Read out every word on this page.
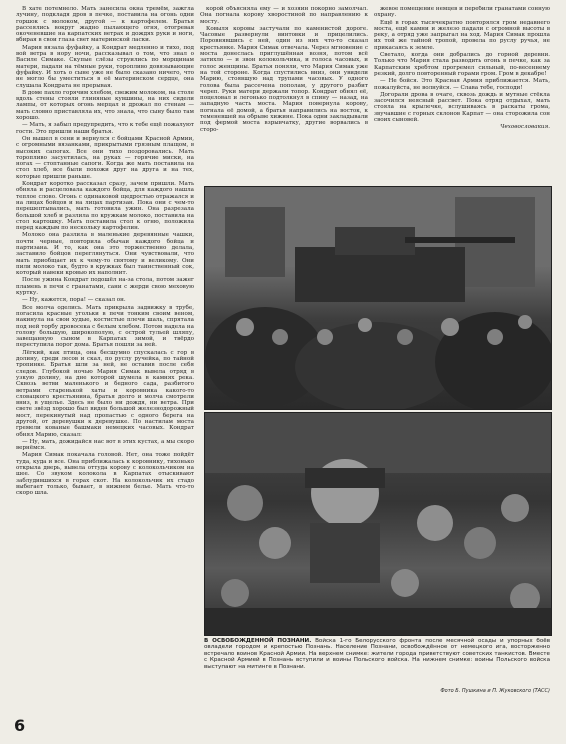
В хате потемнело. Мать занесила окна тремём, зажгла лучину, подкладя дров в печке, поставила на огонь одни горшок с молоком, другой — к картофелем. Братья рассеялись вокруг жадно пылающего огня, отогревая окоченевшие на карпатских ветрах и дождях руки и ноги, вбирая в свои глаза свет материнской ласки.

Мария вязала фуфайку, а Кондрат медленно и тихо, под вой ветра в нору ночи, рассказывал о том, что знал о Василе Симаке. Скупые слёзы струились по морщинам матери, падали на тёмные руки, торопливо довязывающие фуфайку. И хоть о сыне уже не было сказано ничего, что не могло бы уместиться в её материнском сердце, она слушала Кондрата не прерывая.

В доме пахло горячим хлебом, свежим молоком, на столе вдоль стены стояли глиняные кувшины, на них сидели лампы, от которых огонь мерцал и дрожал по стенам — мать словно приставляла их, что знала, что сыну было там хорошо.

— Мать, я забыл предупредить, что к тебе ещё пожалуют гости. Это пришли наши братья.

Он вышел в сени и вернулся с бойцами Красной Армии, с огромными вязанками, прикрытыми грязным плащом, в высоких сапогах. Все они тихо поздоровались. Мать торопливо засуетилась, на руках — горячие миски, на ногах — стоптанные сапоги. Когда же мать поставила на стол хлеб, все были похожи друг на друга и на тех, которые пришли раньше.

Кондрат коротко рассказал сразу, зачем пришли. Мать обняла и расцеловала каждого бойца, для каждого нашла теплое слово. Огонь с одинаковой щедростью отражался и на лицах бойцов и на лицах партизан. Пока они с чем-то перешептывались, мать готовила ужин. Она разрезала большой хлеб и разлила по кружкам молоко, поставила на стол картошку. Мать поставила стол к огню, положила перед каждым по нескольку картофелин.

Молоко она разлила в маленькие деревянные чашки, почти черные, повторила обычаи каждого бойца и партизана. И то, как она это торжественно делала, заставило бойцов переглянуться. Они чувствовали, что мать приобщает их к чему-то святому и великому. Они пили молоко так, будто в кружках был таинственный сок, который навеки кровью их наполнит.

После ужина Кондрат подошёл на-за стола, потом зажег пламень в печи с гранатами, сани с жерди свою меховую куртку.

— Ну, кажется, пора! — сказал он.

Все молча оделись. Мать прикрыла задвижку в трубе, погасила красные угольки в печи тонким своим веном, накинула на свои худые, костистые плечи шаль, спрятала под ней торбу дровосека с белым хлебом. Потом надела на голову большую, широкополую, с острой тульей шляпу, завещанную сыном в Карпатах зимой, и твёрдо переступила порог дома. Братья пошли за ней.

Лёгкий, как птица, она бесшумно спускалась с гор в долину, среди лесов и скал, по руслу ручейка, по тайной тропинке. Братья шли за ней, не оставив после себя следов. Глубокой ночью Мария Симак вывела отряд в узкую долину, на дне которой шумела в камнях река. Сквозь ветви маленького и бедного сада, разбитого ветрами старенькой хаты и коровника какого-то словацкого крестьянина, братья долго и молча смотрели вниз, в ущелье. Здесь не было ни дождя, ни ветра. При свете звёзд хорошо был виден большой железнодорожный мост, перекинутый над пропастью с одного берега на другой, от деревушки к деревушке. По настилам моста гремели кованые башмаки немецких часовых. Кондрат обнял Марию, сказал:

— Ну, мать, дожидайся нас вот в этих кустах, а мы скоро вернёмся.

Мария Симак покачала головой. Нет, она тоже пойдёт туда, куда и все. Она приближалась к коровнику, тихонько открыла дверь, вывела оттуда корову с колокольчиком на шее. Со звуком колокола в Карпатах отыскивают заблудившихся в горах скот. На колокольчик их стадо выбегает только, бывает, в нижнем белье. Мать что-то скоро шла.

корой объясняла ему — и хозяин покорно замолчал. Она погнала корову хворостиной по направлению к мосту.

Ковыля коровы застучали по каменистой дороге. Часовые развернули винтовки и прицелились. Поровнявшись с ней, один из них что-то сказал крестьянке. Мария Симак отвечала. Через мгновение с моста донеслась приглушённая возня, потом всё затихло — и звон колокольчика, и голоса часовых, и голос женщины. Братья поняли, что Мария Симак уже на той стороне. Когда спустились вниз, они увидели Марию, стоявшую над трупами часовых. У одного голова была рассечена пополам, у другого разбит череп. Руки матери держали топор. Кондрат обнял её, поцеловал и легонько подтолкнул в спину — назад, на западную часть моста. Мария повернула корову, погнала её домой, а братья направились на восток, к теменевшей на обрыве хижине. Пока одни закладывали под фермой моста взрывчатку, другие ворвались в сторо-

жевое помещение немцев и перебили гранатами сонную охрану.

Ещё в горах тысячекратно повторялся гром недавнего моста, ещё камни и железо падали с огромной высоты в реку, а отряд уже запрыгал на ход. Мария Симак прошла их той же тайной тропой, провела по руслу ручья, не прикасаясь к земле.

Светало, когда они добрались до горной деревни. Только что Мария стала разводить огонь в печке, как за Карпатским хребтом прогремел сильный, по-весеннему резкий, долго повторенный горами гром. Гром в декабре!

— Не бойся. Это Красная Армия приближается. Мать, пожалуйста, не волнуйся. — Слава тебе, господи!

Догорали дрова в очаге, сквозь дождь и мутные стёкла засочился неясный рассвет. Пока отряд отдыхал, мать стояла на крылечке, вслушиваясь в раскаты грома, звучавшие с горных склонов Карпат — она сторожила сон своих сыновей.

Чеховословакия.

В ОСВОБОЖДЕННОЙ ПОЗНАНИ. Войска 1-го Белорусского фронта после месячной осады и упорных боёв овладели городом и крепостью Познань. Население Познани, освобождённое от немецкого ига, восторженно встречало воинов Красной Армии. На верхнем снимке: жители города приветствуют советских танкистов. Вместе с Красной Армией в Познань вступили и воины Польского войска. На нижнем снимке: воины Польского войска выступают на митинге в Познани.
Фото Б. Пушкина и П. Жуковского (ТАСС)
6
